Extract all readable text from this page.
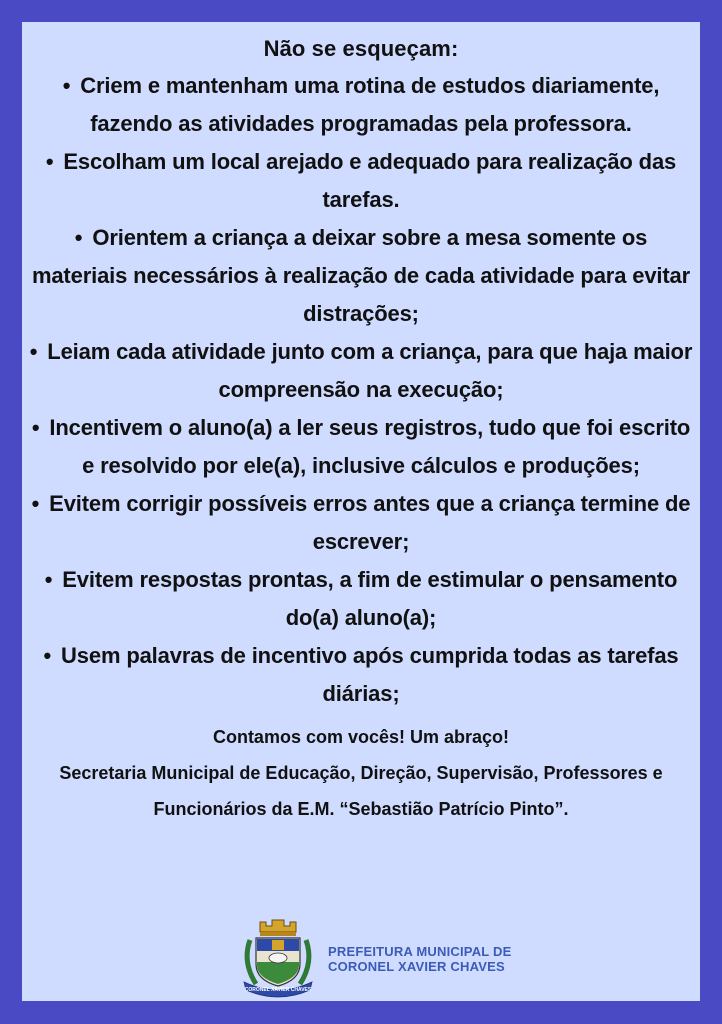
Não se esqueçam:

• Criem e mantenham uma rotina de estudos diariamente, fazendo as atividades programadas pela professora.

• Escolham um local arejado e adequado para realização das tarefas.

• Orientem a criança a deixar sobre a mesa somente os materiais necessários à realização de cada atividade para evitar distrações;

• Leiam cada atividade junto com a criança, para que haja maior compreensão na execução;

• Incentivem o aluno(a) a ler seus registros, tudo que foi escrito e resolvido por ele(a), inclusive cálculos e produções;

• Evitem corrigir possíveis erros antes que a criança termine de escrever;

• Evitem respostas prontas, a fim de estimular o pensamento do(a) aluno(a);

• Usem palavras de incentivo após cumprida todas as tarefas diárias;

Contamos com vocês! Um abraço!

Secretaria Municipal de Educação, Direção, Supervisão, Professores e Funcionários da E.M. “Sebastião Patrício Pinto”.

CORONEL XAVIER CHAVES
PREFEITURA MUNICIPAL DE
CORONEL XAVIER CHAVES
